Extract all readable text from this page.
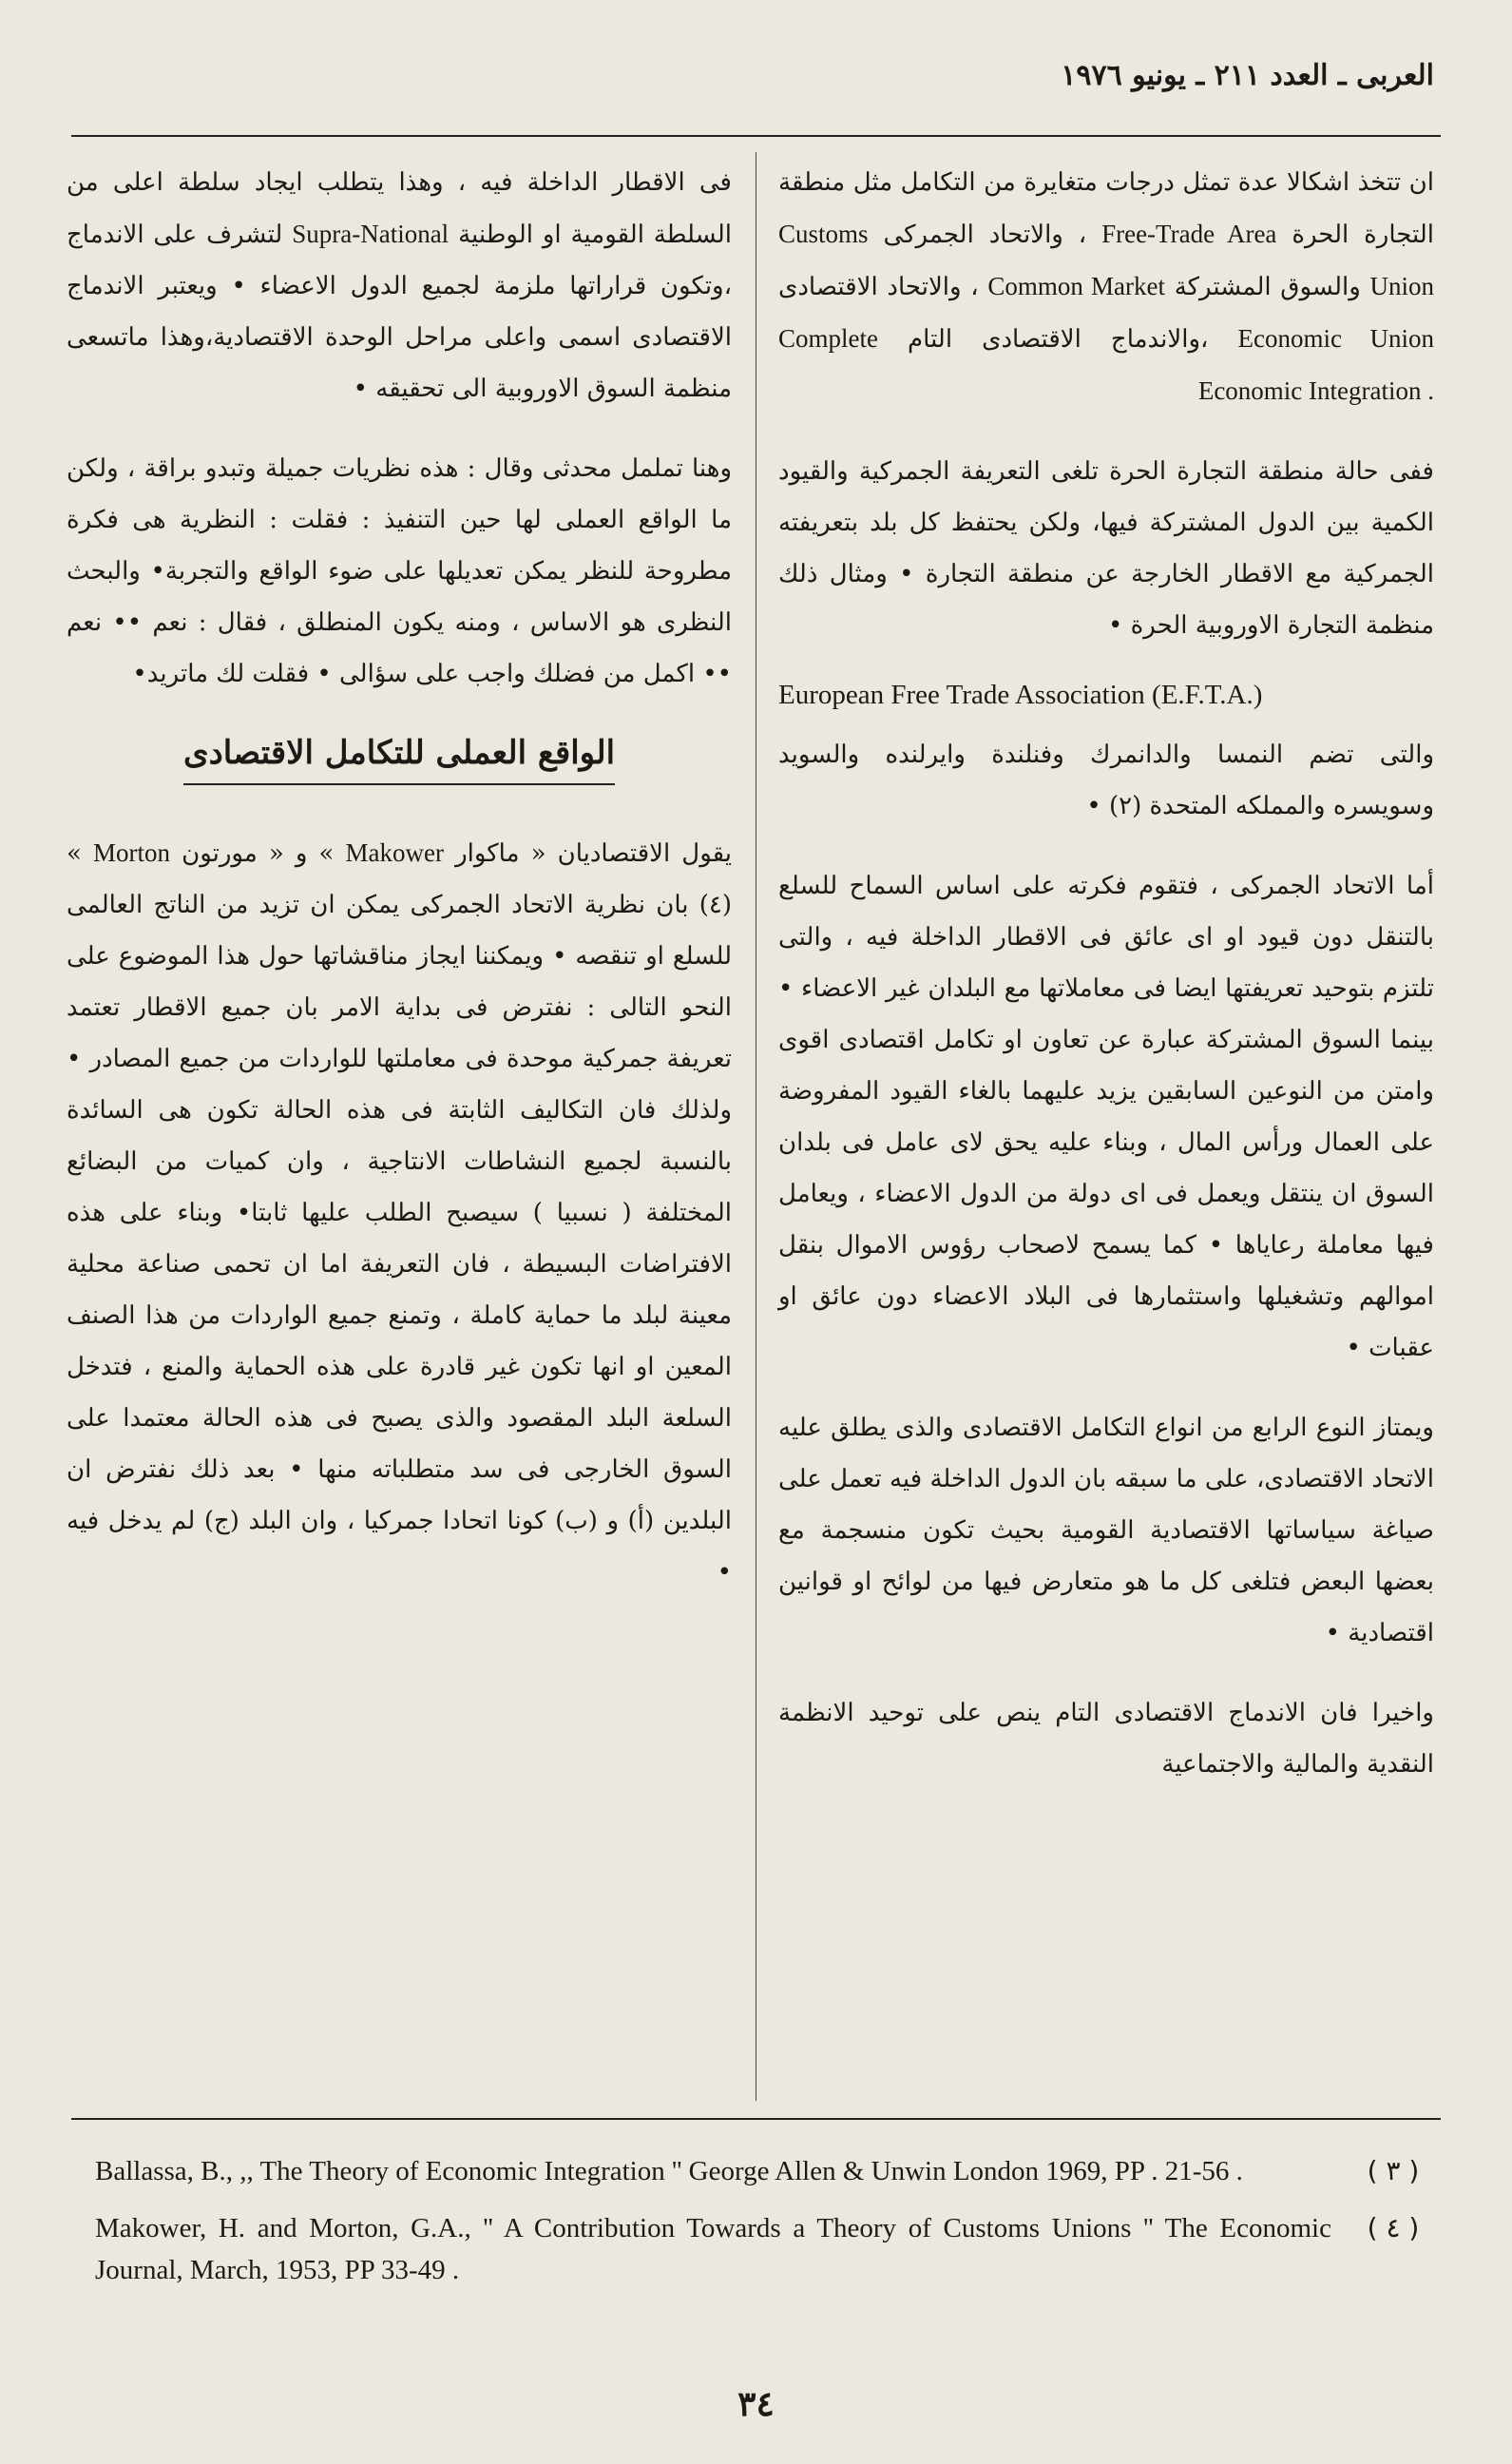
العربى ـ العدد ٢١١ ـ يونيو ١٩٧٦

ان تتخذ اشكالا عدة تمثل درجات متغايرة من التكامل مثل منطقة التجارة الحرة Free-Trade Area ، والاتحاد الجمركى Customs Union والسوق المشتركة Common Market ، والاتحاد الاقتصادى Economic Union ،والاندماج الاقتصادى التام Complete Economic Integration .

ففى حالة منطقة التجارة الحرة تلغى التعريفة الجمركية والقيود الكمية بين الدول المشتركة فيها، ولكن يحتفظ كل بلد بتعريفته الجمركية مع الاقطار الخارجة عن منطقة التجارة • ومثال ذلك منظمة التجارة الاوروبية الحرة •

European Free Trade Association (E.F.T.A.)

والتى تضم النمسا والدانمرك وفنلندة وايرلنده والسويد وسويسره والمملكه المتحدة (٢) •

أما الاتحاد الجمركى ، فتقوم فكرته على اساس السماح للسلع بالتنقل دون قيود او اى عائق فى الاقطار الداخلة فيه ، والتى تلتزم بتوحيد تعريفتها ايضا فى معاملاتها مع البلدان غير الاعضاء • بينما السوق المشتركة عبارة عن تعاون او تكامل اقتصادى اقوى وامتن من النوعين السابقين يزيد عليهما بالغاء القيود المفروضة على العمال ورأس المال ، وبناء عليه يحق لاى عامل فى بلدان السوق ان ينتقل ويعمل فى اى دولة من الدول الاعضاء ، ويعامل فيها معاملة رعاياها • كما يسمح لاصحاب رؤوس الاموال بنقل اموالهم وتشغيلها واستثمارها فى البلاد الاعضاء دون عائق او عقبات •

ويمتاز النوع الرابع من انواع التكامل الاقتصادى والذى يطلق عليه الاتحاد الاقتصادى، على ما سبقه بان الدول الداخلة فيه تعمل على صياغة سياساتها الاقتصادية القومية بحيث تكون منسجمة مع بعضها البعض فتلغى كل ما هو متعارض فيها من لوائح او قوانين اقتصادية •

واخيرا فان الاندماج الاقتصادى التام ينص على توحيد الانظمة النقدية والمالية والاجتماعية

فى الاقطار الداخلة فيه ، وهذا يتطلب ايجاد سلطة اعلى من السلطة القومية او الوطنية Supra-National لتشرف على الاندماج ،وتكون قراراتها ملزمة لجميع الدول الاعضاء • ويعتبر الاندماج الاقتصادى اسمى واعلى مراحل الوحدة الاقتصادية،وهذا ماتسعى منظمة السوق الاوروبية الى تحقيقه •

وهنا تململ محدثى وقال : هذه نظريات جميلة وتبدو براقة ، ولكن ما الواقع العملى لها حين التنفيذ : فقلت : النظرية هى فكرة مطروحة للنظر يمكن تعديلها على ضوء الواقع والتجربة• والبحث النظرى هو الاساس ، ومنه يكون المنطلق ، فقال : نعم •• نعم •• اكمل من فضلك واجب على سؤالى • فقلت لك ماتريد•

الواقع العملى للتكامل الاقتصادى

يقول الاقتصاديان « ماكوار Makower » و « مورتون Morton » (٤) بان نظرية الاتحاد الجمركى يمكن ان تزيد من الناتج العالمى للسلع او تنقصه • ويمكننا ايجاز مناقشاتها حول هذا الموضوع على النحو التالى : نفترض فى بداية الامر بان جميع الاقطار تعتمد تعريفة جمركية موحدة فى معاملتها للواردات من جميع المصادر • ولذلك فان التكاليف الثابتة فى هذه الحالة تكون هى السائدة بالنسبة لجميع النشاطات الانتاجية ، وان كميات من البضائع المختلفة ( نسبيا ) سيصبح الطلب عليها ثابتا• وبناء على هذه الافتراضات البسيطة ، فان التعريفة اما ان تحمى صناعة محلية معينة لبلد ما حماية كاملة ، وتمنع جميع الواردات من هذا الصنف المعين او انها تكون غير قادرة على هذه الحماية والمنع ، فتدخل السلعة البلد المقصود والذى يصبح فى هذه الحالة معتمدا على السوق الخارجى فى سد متطلباته منها • بعد ذلك نفترض ان البلدين (أ) و (ب) كونا اتحادا جمركيا ، وان البلد (ج) لم يدخل فيه •

( ٣ )
Ballassa, B., ,, The Theory of Economic Integration '' George Allen & Unwin London 1969, PP . 21-56 .
( ٤ )
Makower, H. and Morton, G.A., '' A Contribution Towards a Theory of Customs Unions '' The Economic Journal, March, 1953, PP 33-49 .
٣٤
